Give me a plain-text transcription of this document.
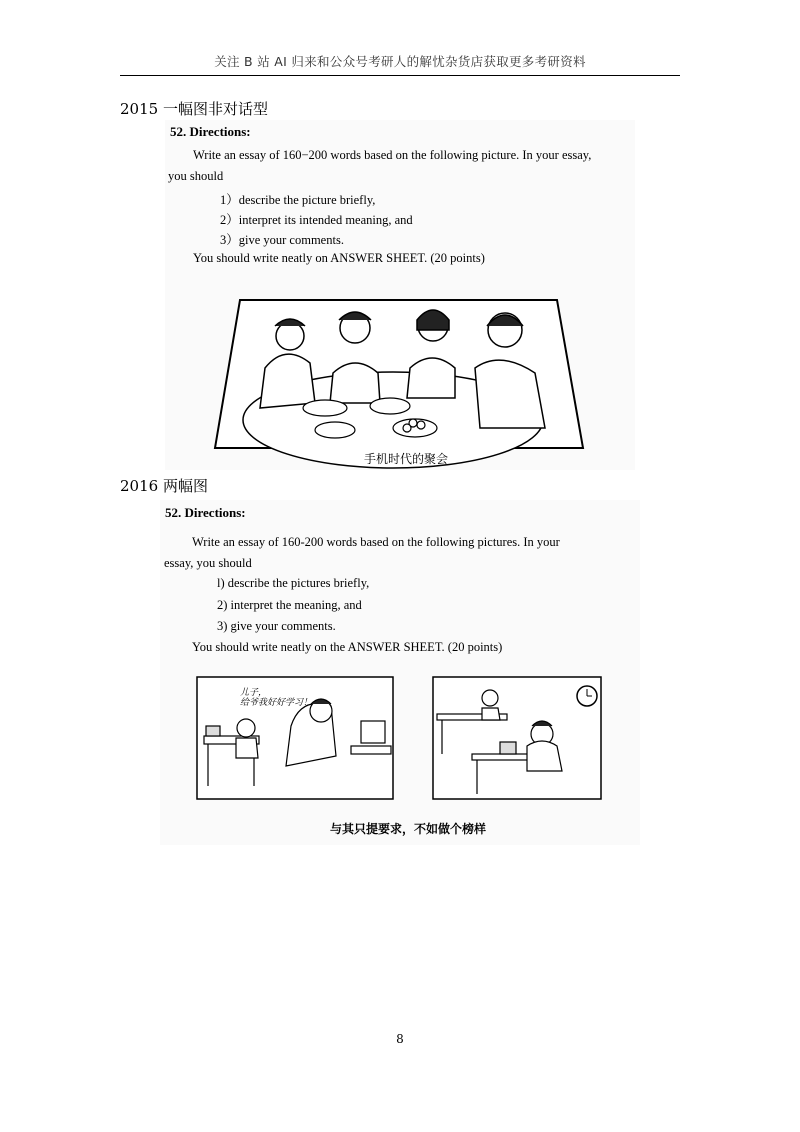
关注 B 站 AI 归来和公众号考研人的解忧杂货店获取更多考研资料
2015 一幅图非对话型
52. Directions:
Write an essay of 160−200 words based on the following picture. In your essay,
you should
1）describe the picture briefly,
2）interpret its intended meaning, and
3）give your comments.
You should write neatly on ANSWER SHEET. (20 points)
手机时代的聚会
2016 两幅图
52. Directions:
Write an essay of 160-200 words based on the following pictures. In your
essay, you should
l) describe the pictures briefly,
2) interpret the meaning, and
3) give your comments.
You should write neatly on the ANSWER SHEET. (20 points)
儿子，
给爷我好好学习！
与其只提要求，不如做个榜样
8
